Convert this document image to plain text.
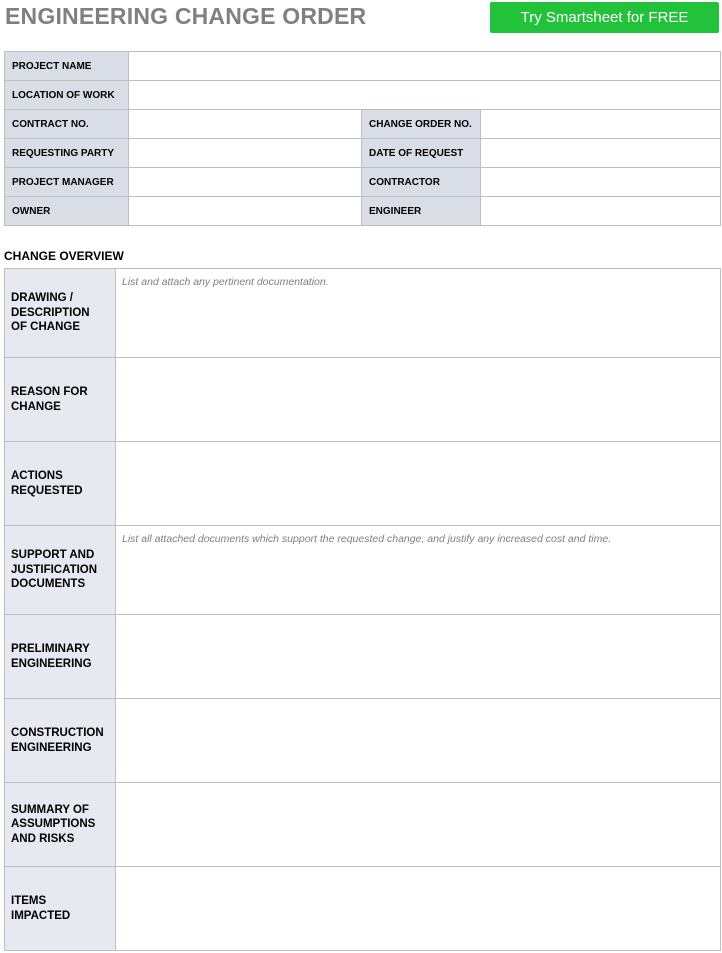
ENGINEERING CHANGE ORDER	Try Smartsheet for FREE
PROJECT NAME			
LOCATION OF WORK			
CONTRACT NO.		CHANGE ORDER NO.	
REQUESTING PARTY		DATE OF REQUEST	
PROJECT MANAGER		CONTRACTOR	
OWNER		ENGINEER	
CHANGE OVERVIEW
DRAWING / DESCRIPTION OF CHANGE	List and attach any pertinent documentation.
REASON FOR CHANGE	
ACTIONS REQUESTED	
SUPPORT AND JUSTIFICATION DOCUMENTS	List all attached documents which support the requested change, and justify any increased cost and time.
PRELIMINARY ENGINEERING	
CONSTRUCTION ENGINEERING	
SUMMARY OF ASSUMPTIONS AND RISKS	
ITEMS IMPACTED	
